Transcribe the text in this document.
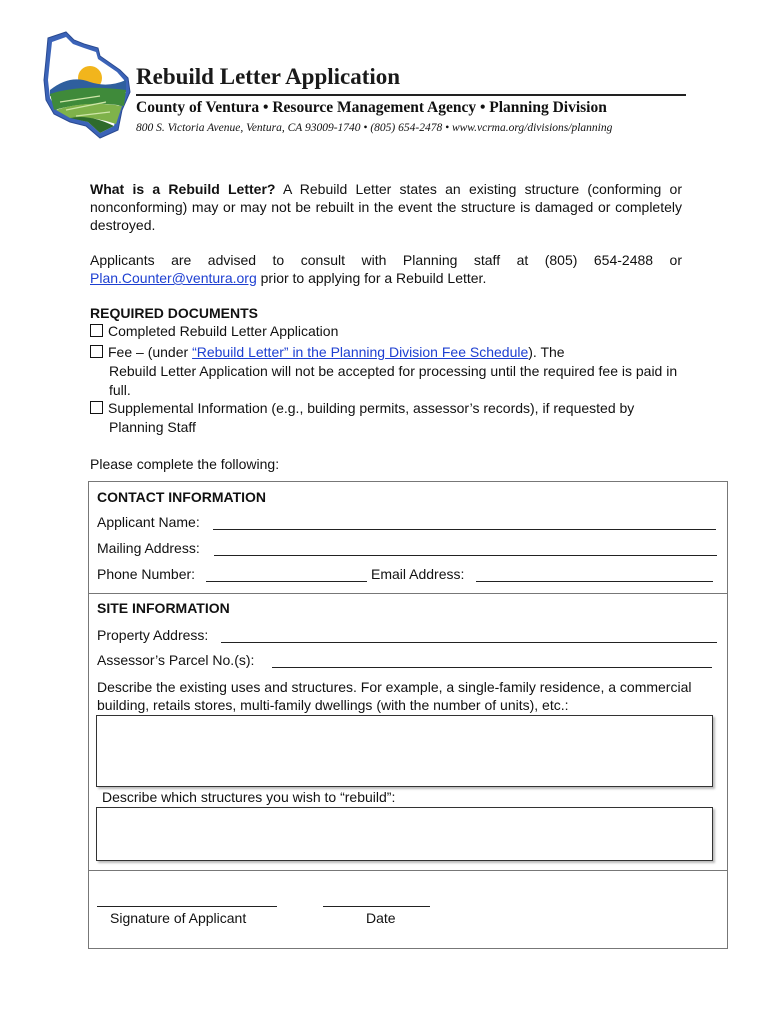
Rebuild Letter Application
County of Ventura • Resource Management Agency • Planning Division
800 S. Victoria Avenue, Ventura, CA 93009-1740 • (805) 654-2478 • www.vcrma.org/divisions/planning
What is a Rebuild Letter? A Rebuild Letter states an existing structure (conforming or nonconforming) may or may not be rebuilt in the event the structure is damaged or completely destroyed.
Applicants are advised to consult with Planning staff at (805) 654-2488 or Plan.Counter@ventura.org prior to applying for a Rebuild Letter.
REQUIRED DOCUMENTS
Completed Rebuild Letter Application
Fee – (under “Rebuild Letter” in the Planning Division Fee Schedule). The
Rebuild Letter Application will not be accepted for processing until the required fee is paid in full.
Supplemental Information (e.g., building permits, assessor’s records), if requested by
Planning Staff
Please complete the following:
CONTACT INFORMATION
Applicant Name:
Mailing Address:
Phone Number:	Email Address:
SITE INFORMATION
Property Address:
Assessor’s Parcel No.(s):
Describe the existing uses and structures. For example, a single-family residence, a commercial building, retails stores, multi-family dwellings (with the number of units), etc.:
Describe which structures you wish to “rebuild”:
Signature of Applicant	Date
